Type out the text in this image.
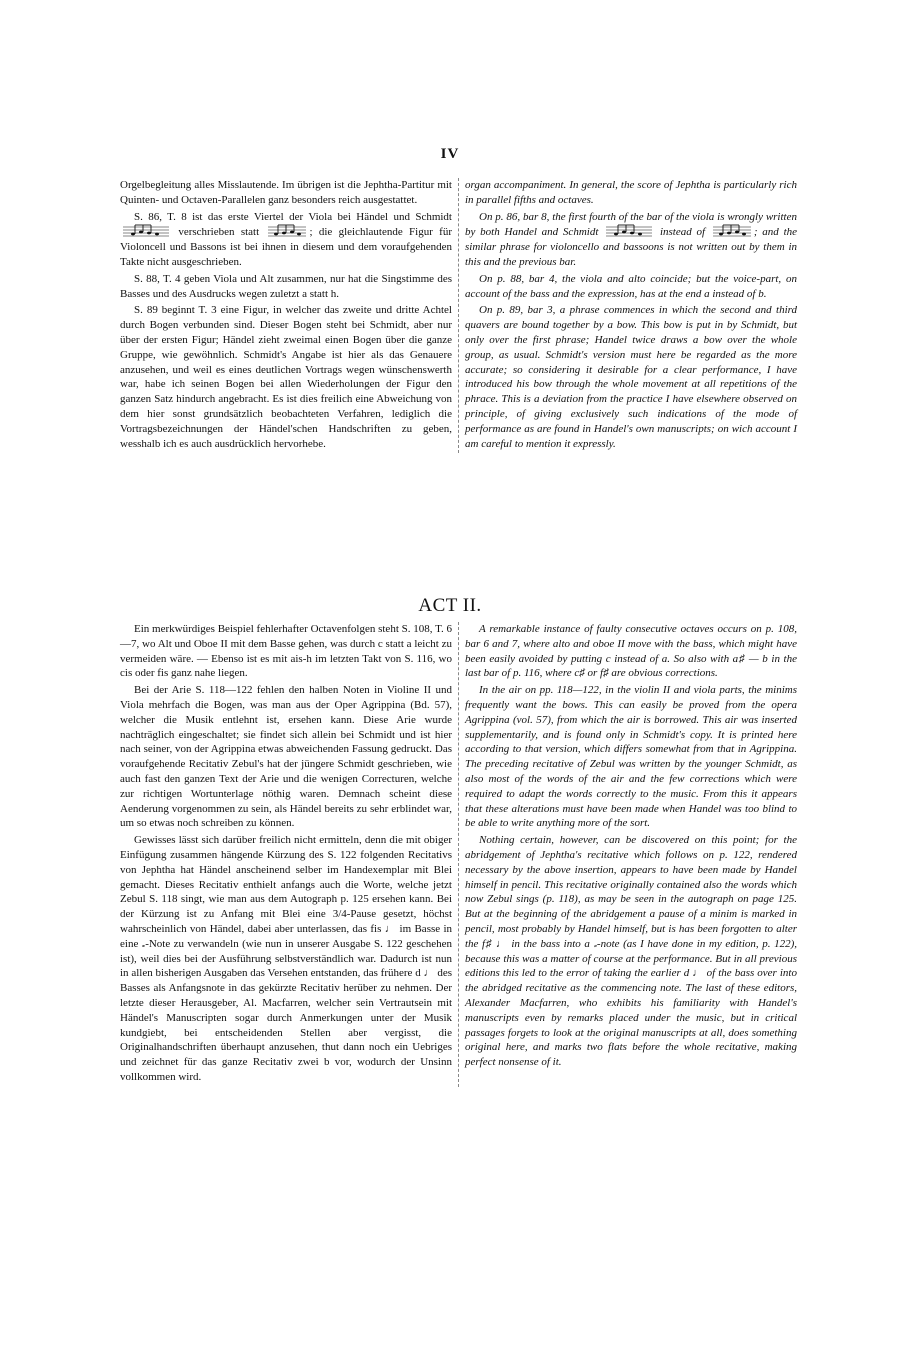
IV

Orgelbegleitung alles Misslautende. Im übrigen ist die Jephtha-Partitur mit Quinten- und Octaven-Parallelen ganz besonders reich ausgestattet.

S. 86, T. 8 ist das erste Viertel der Viola bei Händel und Schmidt  verschrieben statt	; die gleichlautende Figur für Violoncell und Bassons ist bei ihnen in diesem und dem voraufgehenden Takte nicht ausgeschrieben.

S. 88, T. 4 geben Viola und Alt zusammen, nur hat die Singstimme des Basses und des Ausdrucks wegen zuletzt a statt h.

S. 89 beginnt T. 3 eine Figur, in welcher das zweite und dritte Achtel durch Bogen verbunden sind. Dieser Bogen steht bei Schmidt, aber nur über der ersten Figur; Händel zieht zweimal einen Bogen über die ganze Gruppe, wie gewöhnlich. Schmidt's Angabe ist hier als das Genauere anzusehen, und weil es eines deutlichen Vortrags wegen wünschenswerth war, habe ich seinen Bogen bei allen Wiederholungen der Figur den ganzen Satz hindurch angebracht. Es ist dies freilich eine Abweichung von dem hier sonst grundsätzlich beobachteten Verfahren, lediglich die Vortragsbezeichnungen der Händel'schen Handschriften zu geben, wesshalb ich es auch ausdrücklich hervorhebe.

organ accompaniment. In general, the score of Jephtha is particularly rich in parallel fifths and octaves.

On p. 86, bar 8, the first fourth of the bar of the viola is wrongly written by both Handel and Schmidt	instead of	; and the similar phrase for violoncello and bassoons is not written out by them in this and the previous bar.

On p. 88, bar 4, the viola and alto coincide; but the voice-part, on account of the bass and the expression, has at the end a instead of b.

On p. 89, bar 3, a phrase commences in which the second and third quavers are bound together by a bow. This bow is put in by Schmidt, but only over the first phrase; Handel twice draws a bow over the whole group, as usual. Schmidt's version must here be regarded as the more accurate; so considering it desirable for a clear performance, I have introduced his bow through the whole movement at all repetitions of the phrace. This is a deviation from the practice I have elsewhere observed on principle, of giving exclusively such indications of the mode of performance as are found in Handel's own manuscripts; on wich account I am careful to mention it expressly.

ACT II.

Ein merkwürdiges Beispiel fehlerhafter Octavenfolgen steht S. 108, T. 6—7, wo Alt und Oboe II mit dem Basse gehen, was durch c statt a leicht zu vermeiden wäre. — Ebenso ist es mit ais-h im letzten Takt von S. 116, wo cis oder fis ganz nahe liegen.

Bei der Arie S. 118—122 fehlen den halben Noten in Violine II und Viola mehrfach die Bogen, was man aus der Oper Agrippina (Bd. 57), welcher die Musik entlehnt ist, ersehen kann. Diese Arie wurde nachträglich eingeschaltet; sie findet sich allein bei Schmidt und ist hier nach seiner, von der Agrippina etwas abweichenden Fassung gedruckt. Das voraufgehende Recitativ Zebul's hat der jüngere Schmidt geschrieben, wie auch fast den ganzen Text der Arie und die wenigen Correcturen, welche zur richtigen Wortunterlage nöthig waren. Demnach scheint diese Aenderung vorgenommen zu sein, als Händel bereits zu sehr erblindet war, um so etwas noch schreiben zu können.

Gewisses lässt sich darüber freilich nicht ermitteln, denn die mit obiger Einfügung zusammen hängende Kürzung des S. 122 folgenden Recitativs von Jephtha hat Händel anscheinend selber im Handexemplar mit Blei gemacht. Dieses Recitativ enthielt anfangs auch die Worte, welche jetzt Zebul S. 118 singt, wie man aus dem Autograph p. 125 ersehen kann. Bei der Kürzung ist zu Anfang mit Blei eine 3/4-Pause gesetzt, höchst wahrscheinlich von Händel, dabei aber unterlassen, das fis ♩ im Basse in eine 𝅗-Note zu verwandeln (wie nun in unserer Ausgabe S. 122 geschehen ist), weil dies bei der Ausführung selbstverständlich war. Dadurch ist nun in allen bisherigen Ausgaben das Versehen entstanden, das frühere d ♩ des Basses als Anfangsnote in das gekürzte Recitativ herüber zu nehmen. Der letzte dieser Herausgeber, Al. Macfarren, welcher sein Vertrautsein mit Händel's Manuscripten sogar durch Anmerkungen unter der Musik kundgiebt, bei entscheidenden Stellen aber vergisst, die Originalhandschriften überhaupt anzusehen, thut dann noch ein Uebriges und zeichnet für das ganze Recitativ zwei b vor, wodurch der Unsinn vollkommen wird.

A remarkable instance of faulty consecutive octaves occurs on p. 108, bar 6 and 7, where alto and oboe II move with the bass, which might have been easily avoided by putting c instead of a. So also with a♯ — b in the last bar of p. 116, where c♯ or f♯ are obvious corrections.

In the air on pp. 118—122, in the violin II and viola parts, the minims frequently want the bows. This can easily be proved from the opera Agrippina (vol. 57), from which the air is borrowed. This air was inserted supplementarily, and is found only in Schmidt's copy. It is printed here according to that version, which differs somewhat from that in Agrippina. The preceding recitative of Zebul was written by the younger Schmidt, as also most of the words of the air and the few corrections which were required to adapt the words correctly to the music. From this it appears that these alterations must have been made when Handel was too blind to be able to write anything more of the sort.

Nothing certain, however, can be discovered on this point; for the abridgement of Jephtha's recitative which follows on p. 122, rendered necessary by the above insertion, appears to have been made by Handel himself in pencil. This recitative originally contained also the words which now Zebul sings (p. 118), as may be seen in the autograph on page 125. But at the beginning of the abridgement a pause of a minim is marked in pencil, most probably by Handel himself, but is has been forgotten to alter the f♯ ♩ in the bass into a 𝅗-note (as I have done in my edition, p. 122), because this was a matter of course at the performance. But in all previous editions this led to the error of taking the earlier d ♩ of the bass over into the abridged recitative as the commencing note. The last of these editors, Alexander Macfarren, who exhibits his familiarity with Handel's manuscripts even by remarks placed under the music, but in critical passages forgets to look at the original manuscripts at all, does something original here, and marks two flats before the whole recitative, making perfect nonsense of it.
